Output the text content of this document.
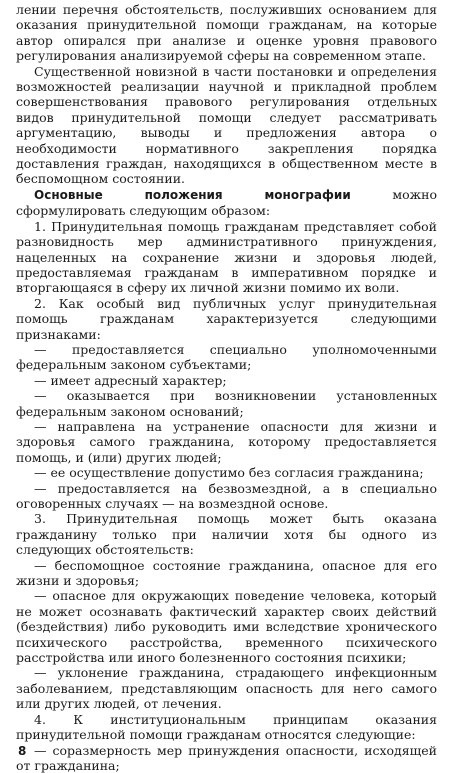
лении перечня обстоятельств, послуживших основанием для оказания принудительной помощи гражданам, на которые автор опирался при анализе и оценке уровня правового регулирования анализируемой сферы на современном этапе.

Существенной новизной в части постановки и определения возможностей реализации научной и прикладной проблем совершенствования правового регулирования отдельных видов принудительной помощи следует рассматривать аргументацию, выводы и предложения автора о необходимости нормативного закрепления порядка доставления граждан, находящихся в общественном месте в беспомощном состоянии.

Основные положения монографии можно сформулировать следующим образом:

1. Принудительная помощь гражданам представляет собой разновидность мер административного принуждения, нацеленных на сохранение жизни и здоровья людей, предоставляемая гражданам в императивном порядке и вторгающаяся в сферу их личной жизни помимо их воли.

2. Как особый вид публичных услуг принудительная помощь гражданам характеризуется следующими признаками:

— предоставляется специально уполномоченными федеральным законом субъектами;

— имеет адресный характер;

— оказывается при возникновении установленных федеральным законом оснований;

— направлена на устранение опасности для жизни и здоровья самого гражданина, которому предоставляется помощь, и (или) других людей;

— ее осуществление допустимо без согласия гражданина;

— предоставляется на безвозмездной, а в специально оговоренных случаях — на возмездной основе.

3. Принудительная помощь может быть оказана гражданину только при наличии хотя бы одного из следующих обстоятельств:

— беспомощное состояние гражданина, опасное для его жизни и здоровья;

— опасное для окружающих поведение человека, который не может осознавать фактический характер своих действий (бездействия) либо руководить ими вследствие хронического психического расстройства, временного психического расстройства или иного болезненного состояния психики;

— уклонение гражданина, страдающего инфекционным заболеванием, представляющим опасность для него самого или других людей, от лечения.

4. К институциональным принципам оказания принудительной помощи гражданам относятся следующие:

— соразмерность мер принуждения опасности, исходящей от гражданина;

8
